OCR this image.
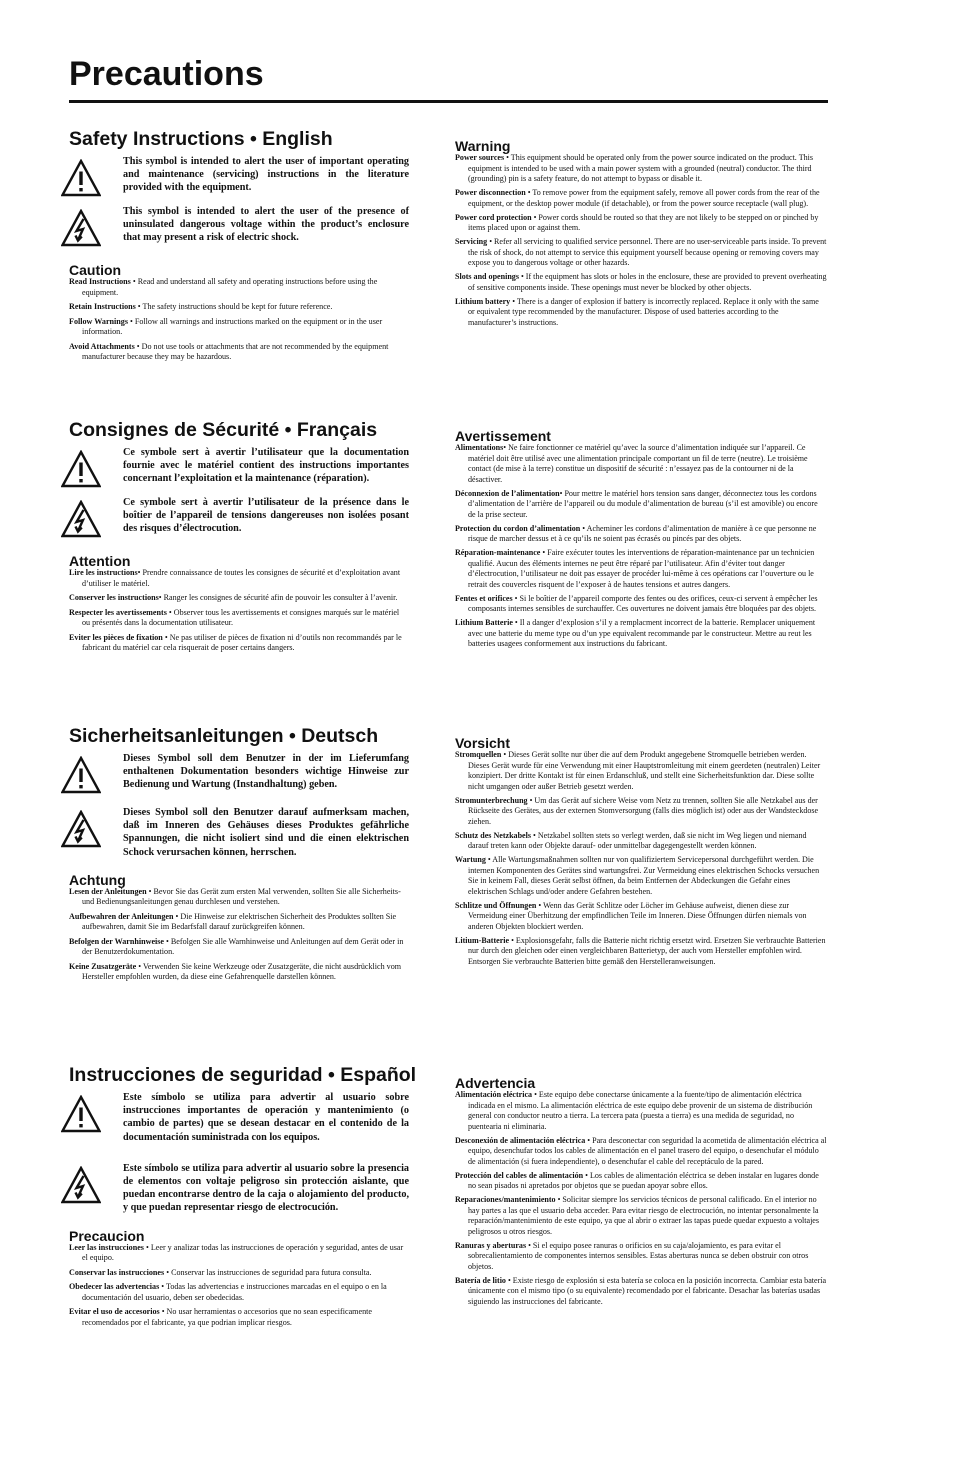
Precautions
Safety Instructions • English
This symbol is intended to alert the user of important operating and maintenance (servicing) instructions in the literature provided with the equipment.
This symbol is intended to alert the user of the presence of uninsulated dangerous voltage within the product’s enclosure that may present a risk of electric shock.
Caution
Read Instructions • Read and understand all safety and operating instructions before using the equipment.
Retain Instructions • The safety instructions should be kept for future reference.
Follow Warnings • Follow all warnings and instructions marked on the equipment or in the user information.
Avoid Attachments • Do not use tools or attachments that are not recommended by the equipment manufacturer because they may be hazardous.
Consignes de Sécurité • Français
Ce symbole sert à avertir l’utilisateur que la documentation fournie avec le matériel contient des instructions importantes concernant l’exploitation et la maintenance (réparation).
Ce symbole sert à avertir l’utilisateur de la présence dans le boîtier de l’appareil de tensions dangereuses non isolées posant des risques d’électrocution.
Attention
Lire les instructions• Prendre connaissance de toutes les consignes de sécurité et d’exploitation avant d’utiliser le matériel.
Conserver les instructions• Ranger les consignes de sécurité afin de pouvoir les consulter à l’avenir.
Respecter les avertissements • Observer tous les avertissements et consignes marqués sur le matériel ou présentés dans la documentation utilisateur.
Eviter les pièces de fixation • Ne pas utiliser de pièces de fixation ni d’outils non recommandés par le fabricant du matériel car cela risquerait de poser certains dangers.
Sicherheitsanleitungen • Deutsch
Dieses Symbol soll dem Benutzer in der im Lieferumfang enthaltenen Dokumentation besonders wichtige Hinweise zur Bedienung und Wartung (Instandhaltung) geben.
Dieses Symbol soll den Benutzer darauf aufmerksam machen, daß im Inneren des Gehäuses dieses Produktes gefährliche Spannungen, die nicht isoliert sind und die einen elektrischen Schock verursachen können, herrschen.
Achtung
Lesen der Anleitungen • Bevor Sie das Gerät zum ersten Mal verwenden, sollten Sie alle Sicherheits-und Bedienungsanleitungen genau durchlesen und verstehen.
Aufbewahren der Anleitungen • Die Hinweise zur elektrischen Sicherheit des Produktes sollten Sie aufbewahren, damit Sie im Bedarfsfall darauf zurückgreifen können.
Befolgen der Warnhinweise • Befolgen Sie alle Warnhinweise und Anleitungen auf dem Gerät oder in der Benutzerdokumentation.
Keine Zusatzgeräte • Verwenden Sie keine Werkzeuge oder Zusatzgeräte, die nicht ausdrücklich vom Hersteller empfohlen wurden, da diese eine Gefahrenquelle darstellen können.
Instrucciones de seguridad • Español
Este símbolo se utiliza para advertir al usuario sobre instrucciones importantes de operación y mantenimiento (o cambio de partes) que se desean destacar en el contenido de la documentación suministrada con los equipos.
Este símbolo se utiliza para advertir al usuario sobre la presencia de elementos con voltaje peligroso sin protección aislante, que puedan encontrarse dentro de la caja o alojamiento del producto, y que puedan representar riesgo de electrocución.
Precaucion
Leer las instrucciones • Leer y analizar todas las instrucciones de operación y seguridad, antes de usar el equipo.
Conservar las instrucciones • Conservar las instrucciones de seguridad para futura consulta.
Obedecer las advertencias • Todas las advertencias e instrucciones marcadas en el equipo o en la documentación del usuario, deben ser obedecidas.
Evitar el uso de accesorios • No usar herramientas o accesorios que no sean especificamente recomendados por el fabricante, ya que podrian implicar riesgos.
Warning
Power sources • This equipment should be operated only from the power source indicated on the product. This equipment is intended to be used with a main power system with a grounded (neutral) conductor. The third (grounding) pin is a safety feature, do not attempt to bypass or disable it.
Power disconnection • To remove power from the equipment safely, remove all power cords from the rear of the equipment, or the desktop power module (if detachable), or from the power source receptacle (wall plug).
Power cord protection • Power cords should be routed so that they are not likely to be stepped on or pinched by items placed upon or against them.
Servicing • Refer all servicing to qualified service personnel. There are no user-serviceable parts inside. To prevent the risk of shock, do not attempt to service this equipment yourself because opening or removing covers may expose you to dangerous voltage or other hazards.
Slots and openings • If the equipment has slots or holes in the enclosure, these are provided to prevent overheating of sensitive components inside. These openings must never be blocked by other objects.
Lithium battery • There is a danger of explosion if battery is incorrectly replaced. Replace it only with the same or equivalent type recommended by the manufacturer. Dispose of used batteries according to the manufacturer’s instructions.
Avertissement
Alimentations• Ne faire fonctionner ce matériel qu’avec la source d’alimentation indiquée sur l’appareil. Ce matériel doit être utilisé avec une alimentation principale comportant un fil de terre (neutre). Le troisième contact (de mise à la terre) constitue un dispositif de sécurité : n’essayez pas de la contourner ni de la désactiver.
Déconnexion de l’alimentation• Pour mettre le matériel hors tension sans danger, déconnectez tous les cordons d’alimentation de l’arrière de l’appareil ou du module d’alimentation de bureau (s’il est amovible) ou encore de la prise secteur.
Protection du cordon d’alimentation • Acheminer les cordons d’alimentation de manière à ce que personne ne risque de marcher dessus et à ce qu’ils ne soient pas écrasés ou pincés par des objets.
Réparation-maintenance • Faire exécuter toutes les interventions de réparation-maintenance par un technicien qualifié. Aucun des éléments internes ne peut être réparé par l’utilisateur. Afin d’éviter tout danger d’électrocution, l’utilisateur ne doit pas essayer de procéder lui-même à ces opérations car l’ouverture ou le retrait des couvercles risquent de l’exposer à de hautes tensions et autres dangers.
Fentes et orifices • Si le boîtier de l’appareil comporte des fentes ou des orifices, ceux-ci servent à empêcher les composants internes sensibles de surchauffer. Ces ouvertures ne doivent jamais être bloquées par des objets.
Lithium Batterie • Il a danger d’explosion s’il y a remplacment incorrect de la batterie. Remplacer uniquement avec une batterie du meme type ou d’un ype equivalent recommande par le constructeur. Mettre au reut les batteries usagees conformement aux instructions du fabricant.
Vorsicht
Stromquellen • Dieses Gerät sollte nur über die auf dem Produkt angegebene Stromquelle betrieben werden. Dieses Gerät wurde für eine Verwendung mit einer Hauptstromleitung mit einem geerdeten (neutralen) Leiter konzipiert. Der dritte Kontakt ist für einen Erdanschluß, und stellt eine Sicherheitsfunktion dar. Diese sollte nicht umgangen oder außer Betrieb gesetzt werden.
Stromunterbrechung • Um das Gerät auf sichere Weise vom Netz zu trennen, sollten Sie alle Netzkabel aus der Rückseite des Gerätes, aus der externen Stomversorgung (falls dies möglich ist) oder aus der Wandsteckdose ziehen.
Schutz des Netzkabels • Netzkabel sollten stets so verlegt werden, daß sie nicht im Weg liegen und niemand darauf treten kann oder Objekte darauf- oder unmittelbar dagegengestellt werden können.
Wartung • Alle Wartungsmaßnahmen sollten nur von qualifiziertem Servicepersonal durchgeführt werden. Die internen Komponenten des Gerätes sind wartungsfrei. Zur Vermeidung eines elektrischen Schocks versuchen Sie in keinem Fall, dieses Gerät selbst öffnen, da beim Entfernen der Abdeckungen die Gefahr eines elektrischen Schlags und/oder andere Gefahren bestehen.
Schlitze und Öffnungen • Wenn das Gerät Schlitze oder Löcher im Gehäuse aufweist, dienen diese zur Vermeidung einer Überhitzung der empfindlichen Teile im Inneren. Diese Öffnungen dürfen niemals von anderen Objekten blockiert werden.
Litium-Batterie • Explosionsgefahr, falls die Batterie nicht richtig ersetzt wird. Ersetzen Sie verbrauchte Batterien nur durch den gleichen oder einen vergleichbaren Batterietyp, der auch vom Hersteller empfohlen wird. Entsorgen Sie verbrauchte Batterien bitte gemäß den Herstelleranweisungen.
Advertencia
Alimentación eléctrica • Este equipo debe conectarse únicamente a la fuente/tipo de alimentación eléctrica indicada en el mismo. La alimentación eléctrica de este equipo debe provenir de un sistema de distribución general con conductor neutro a tierra. La tercera pata (puesta a tierra) es una medida de seguridad, no puentearia ni eliminaria.
Desconexión de alimentación eléctrica • Para desconectar con seguridad la acometida de alimentación eléctrica al equipo, desenchufar todos los cables de alimentación en el panel trasero del equipo, o desenchufar el módulo de alimentación (si fuera independiente), o desenchufar el cable del receptáculo de la pared.
Protección del cables de alimentación • Los cables de alimentación eléctrica se deben instalar en lugares donde no sean pisados ni apretados por objetos que se puedan apoyar sobre ellos.
Reparaciones/mantenimiento • Solicitar siempre los servicios técnicos de personal calificado. En el interior no hay partes a las que el usuario deba acceder. Para evitar riesgo de electrocución, no intentar personalmente la reparación/mantenimiento de este equipo, ya que al abrir o extraer las tapas puede quedar expuesto a voltajes peligrosos u otros riesgos.
Ranuras y aberturas • Si el equipo posee ranuras o orificios en su caja/alojamiento, es para evitar el sobrecalientamiento de componentes internos sensibles. Estas aberturas nunca se deben obstruir con otros objetos.
Batería de litio • Existe riesgo de explosión si esta batería se coloca en la posición incorrecta. Cambiar esta batería únicamente con el mismo tipo (o su equivalente) recomendado por el fabricante. Desachar las baterías usadas siguiendo las instrucciones del fabricante.
